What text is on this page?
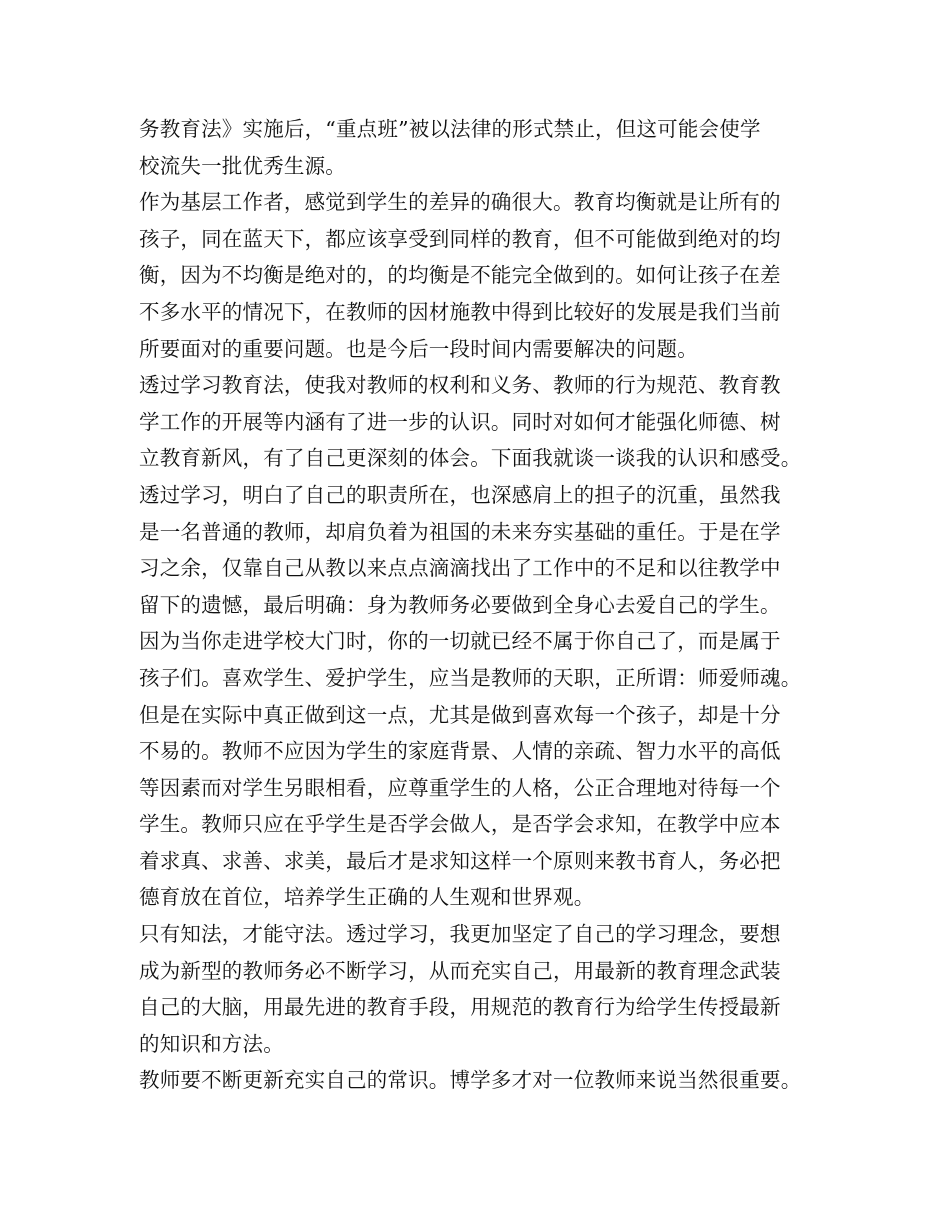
务教育法》实施后，“重点班”被以法律的形式禁止，但这可能会使学
校流失一批优秀生源。
作为基层工作者，感觉到学生的差异的确很大。教育均衡就是让所有的
孩子，同在蓝天下，都应该享受到同样的教育，但不可能做到绝对的均
衡，因为不均衡是绝对的，的均衡是不能完全做到的。如何让孩子在差
不多水平的情况下，在教师的因材施教中得到比较好的发展是我们当前
所要面对的重要问题。也是今后一段时间内需要解决的问题。
透过学习教育法，使我对教师的权利和义务、教师的行为规范、教育教
学工作的开展等内涵有了进一步的认识。同时对如何才能强化师德、树
立教育新风，有了自己更深刻的体会。下面我就谈一谈我的认识和感受。
透过学习，明白了自己的职责所在，也深感肩上的担子的沉重，虽然我
是一名普通的教师，却肩负着为祖国的未来夯实基础的重任。于是在学
习之余，仅靠自己从教以来点点滴滴找出了工作中的不足和以往教学中
留下的遗憾，最后明确：身为教师务必要做到全身心去爱自己的学生。
因为当你走进学校大门时，你的一切就已经不属于你自己了，而是属于
孩子们。喜欢学生、爱护学生，应当是教师的天职，正所谓：师爱师魂。
但是在实际中真正做到这一点，尤其是做到喜欢每一个孩子，却是十分
不易的。教师不应因为学生的家庭背景、人情的亲疏、智力水平的高低
等因素而对学生另眼相看，应尊重学生的人格，公正合理地对待每一个
学生。教师只应在乎学生是否学会做人，是否学会求知，在教学中应本
着求真、求善、求美，最后才是求知这样一个原则来教书育人，务必把
德育放在首位，培养学生正确的人生观和世界观。
只有知法，才能守法。透过学习，我更加坚定了自己的学习理念，要想
成为新型的教师务必不断学习，从而充实自己，用最新的教育理念武装
自己的大脑，用最先进的教育手段，用规范的教育行为给学生传授最新
的知识和方法。
教师要不断更新充实自己的常识。博学多才对一位教师来说当然很重要。
